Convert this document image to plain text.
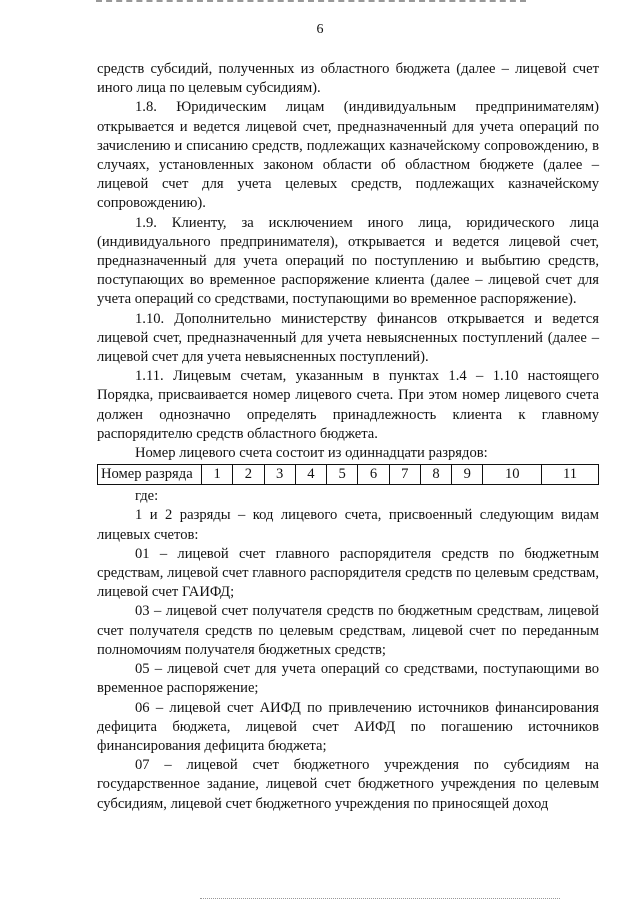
6

средств субсидий, полученных из областного бюджета (далее – лицевой счет иного лица по целевым субсидиям).

1.8. Юридическим лицам (индивидуальным предпринимателям) открывается и ведется лицевой счет, предназначенный для учета операций по зачислению и списанию средств, подлежащих казначейскому сопровождению, в случаях, установленных законом области об областном бюджете (далее – лицевой счет для учета целевых средств, подлежащих казначейскому сопровождению).

1.9. Клиенту, за исключением иного лица, юридического лица (индивидуального предпринимателя), открывается и ведется лицевой счет, предназначенный для учета операций по поступлению и выбытию средств, поступающих во временное распоряжение клиента (далее – лицевой счет для учета операций со средствами, поступающими во временное распоряжение).

1.10. Дополнительно министерству финансов открывается и ведется лицевой счет, предназначенный для учета невыясненных поступлений (далее – лицевой счет для учета невыясненных поступлений).

1.11. Лицевым счетам, указанным в пунктах 1.4 – 1.10 настоящего Порядка, присваивается номер лицевого счета. При этом номер лицевого счета должен однозначно определять принадлежность клиента к главному распорядителю средств областного бюджета.

Номер лицевого счета состоит из одиннадцати разрядов:

Номер разряда	1	2	3	4	5	6	7	8	9	10	11

где:

1 и 2 разряды – код лицевого счета, присвоенный следующим видам лицевых счетов:

01 – лицевой счет главного распорядителя средств по бюджетным средствам, лицевой счет главного распорядителя средств по целевым средствам, лицевой счет ГАИФД;

03 – лицевой счет получателя средств по бюджетным средствам, лицевой счет получателя средств по целевым средствам, лицевой счет по переданным полномочиям получателя бюджетных средств;

05 – лицевой счет для учета операций со средствами, поступающими во временное распоряжение;

06 – лицевой счет АИФД по привлечению источников финансирования дефицита бюджета, лицевой счет АИФД по погашению источников финансирования дефицита бюджета;

07 – лицевой счет бюджетного учреждения по субсидиям на государственное задание, лицевой счет бюджетного учреждения по целевым субсидиям, лицевой счет бюджетного учреждения по приносящей доход
